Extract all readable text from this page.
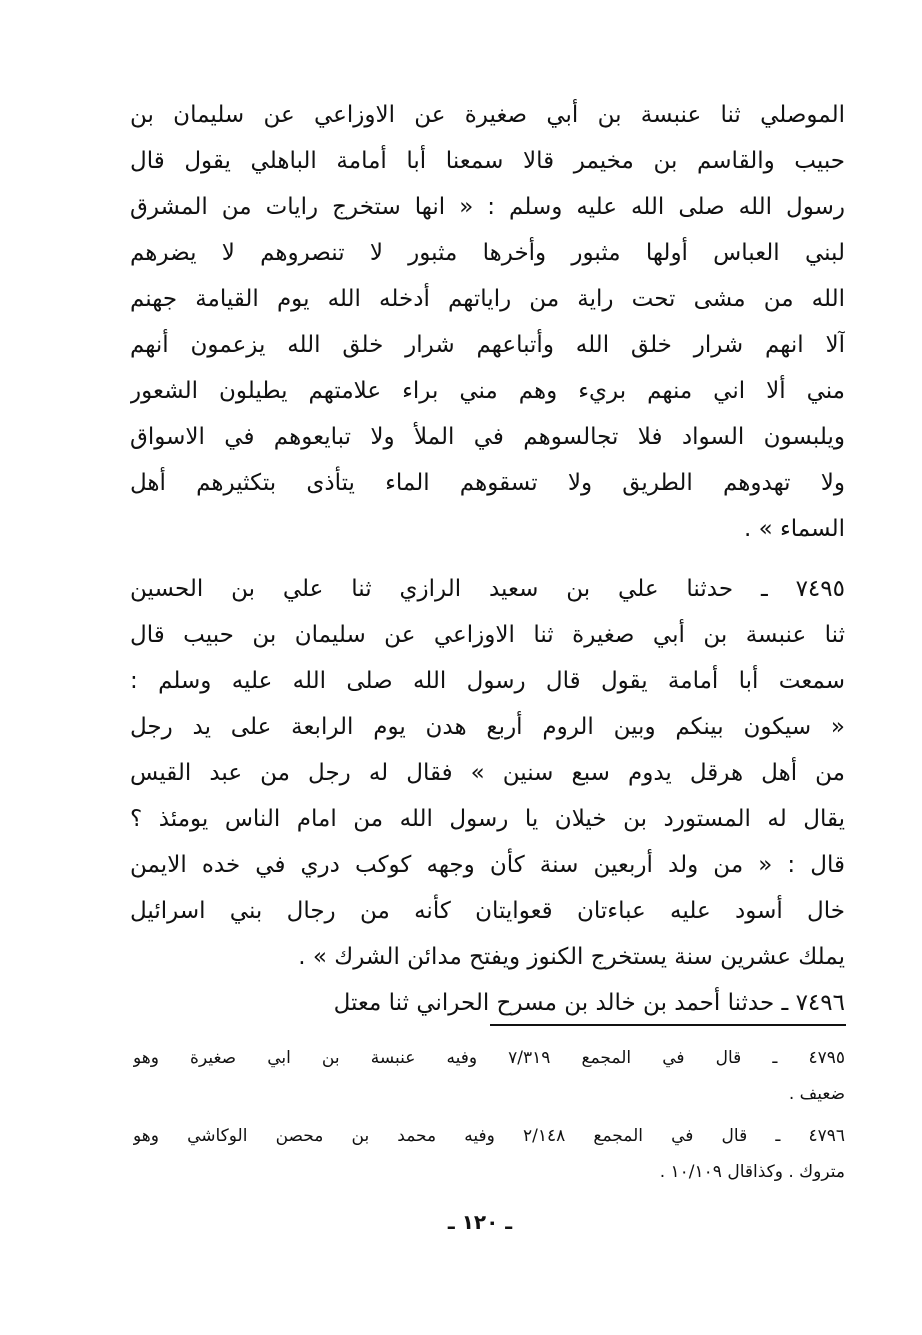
الموصلي ثنا عنبسة بن أبي صغيرة عن الاوزاعي عن سليمان بن
حبيب والقاسم بن مخيمر قالا سمعنا أبا أمامة الباهلي يقول قال
رسول الله صلى الله عليه وسلم : « انها ستخرج رايات من المشرق
لبني العباس أولها مثبور وأخرها مثبور لا تنصروهم لا يضرهم
الله من مشى تحت راية من راياتهم أدخله الله يوم القيامة جهنم
آلا انهم شرار خلق الله وأتباعهم شرار خلق الله يزعمون أنهم
مني ألا اني منهم بريء وهم مني براء علامتهم يطيلون الشعور
ويلبسون السواد فلا تجالسوهم في الملأ ولا تبايعوهم في الاسواق
ولا تهدوهم الطريق ولا تسقوهم الماء يتأذى بتكثيرهم أهل
السماء » .
٧٤٩٥ ـ حدثنا علي بن سعيد الرازي ثنا علي بن الحسين
ثنا عنبسة بن أبي صغيرة ثنا الاوزاعي عن سليمان بن حبيب قال
سمعت أبا أمامة يقول قال رسول الله صلى الله عليه وسلم :
« سيكون بينكم وبين الروم أربع هدن يوم الرابعة على يد رجل
من أهل هرقل يدوم سبع سنين » فقال له رجل من عبد القيس
يقال له المستورد بن خيلان يا رسول الله من امام الناس يومئذ ؟
قال : « من ولد أربعين سنة كأن وجهه كوكب دري في خده الايمن
خال أسود عليه عباءتان قعوايتان كأنه من رجال بني اسرائيل
يملك عشرين سنة يستخرج الكنوز ويفتح مدائن الشرك » .
٧٤٩٦ ـ حدثنا أحمد بن خالد بن مسرح الحراني ثنا معتل
٤٧٩٥ ـ قال في المجمع ٧/٣١٩ وفيه عنبسة بن ابي صغيرة وهو
ضعيف .
٤٧٩٦ ـ قال في المجمع ٢/١٤٨ وفيه محمد بن محصن الوكاشي وهو
متروك . وكذاقال ١٠/١٠٩ .
ـ ١٢٠ ـ
